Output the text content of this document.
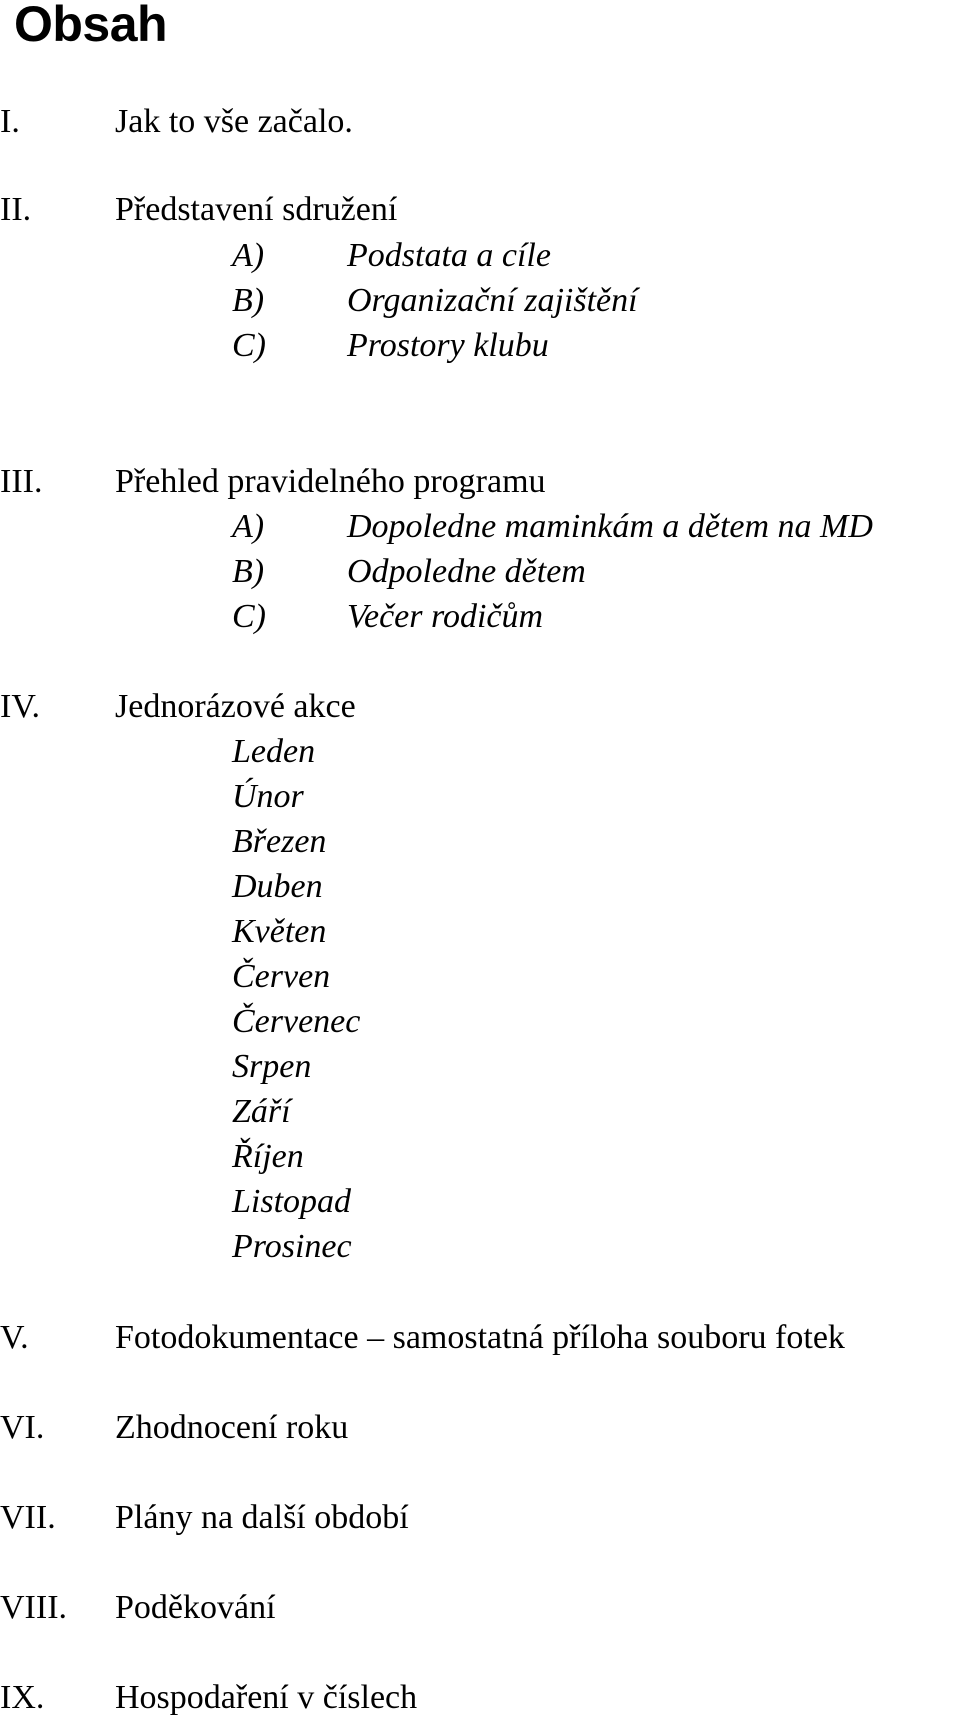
Obsah
I.	Jak to vše začalo.
II. Představení sdružení
A) Podstata a cíle
B) Organizační zajištění
C) Prostory klubu
III. Přehled pravidelného programu
A) Dopoledne maminkám a dětem na MD
B) Odpoledne dětem
C) Večer rodičům
IV. Jednorázové akce
Leden
Únor
Březen
Duben
Květen
Červen
Červenec
Srpen
Září
Říjen
Listopad
Prosinec
V.	Fotodokumentace – samostatná příloha souboru fotek
VI. Zhodnocení roku
VII. Plány na další období
VIII. Poděkování
IX. Hospodaření v číslech
